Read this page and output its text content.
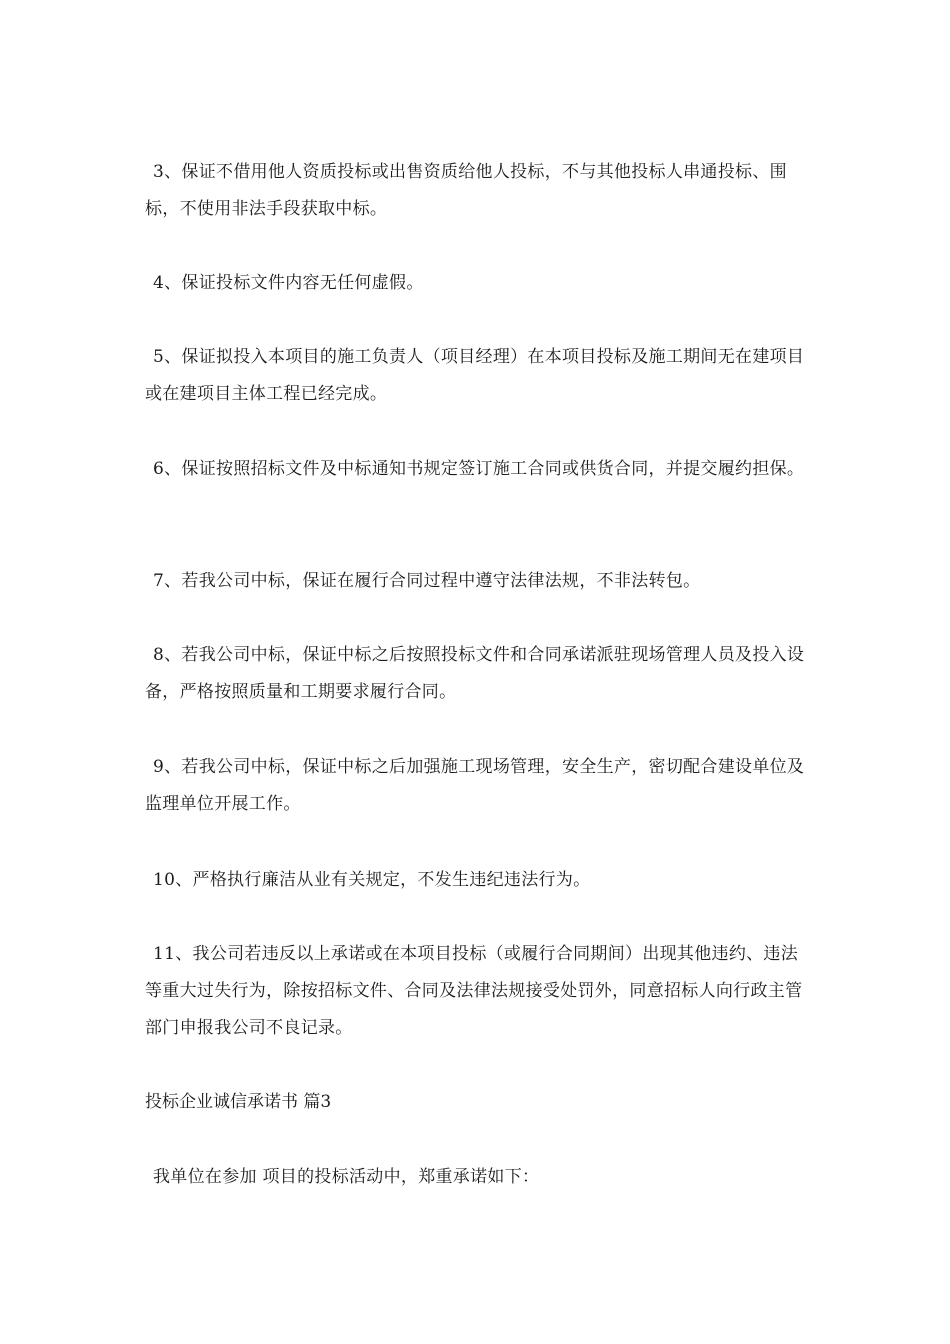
3、保证不借用他人资质投标或出售资质给他人投标，不与其他投标人串通投标、围标，不使用非法手段获取中标。

4、保证投标文件内容无任何虚假。

5、保证拟投入本项目的施工负责人（项目经理）在本项目投标及施工期间无在建项目或在建项目主体工程已经完成。

6、保证按照招标文件及中标通知书规定签订施工合同或供货合同，并提交履约担保。

7、若我公司中标，保证在履行合同过程中遵守法律法规，不非法转包。

8、若我公司中标，保证中标之后按照投标文件和合同承诺派驻现场管理人员及投入设备，严格按照质量和工期要求履行合同。

9、若我公司中标，保证中标之后加强施工现场管理，安全生产，密切配合建设单位及监理单位开展工作。

10、严格执行廉洁从业有关规定，不发生违纪违法行为。

11、我公司若违反以上承诺或在本项目投标（或履行合同期间）出现其他违约、违法等重大过失行为，除按招标文件、合同及法律法规接受处罚外，同意招标人向行政主管部门申报我公司不良记录。

投标企业诚信承诺书 篇3

我单位在参加 项目的投标活动中，郑重承诺如下：
